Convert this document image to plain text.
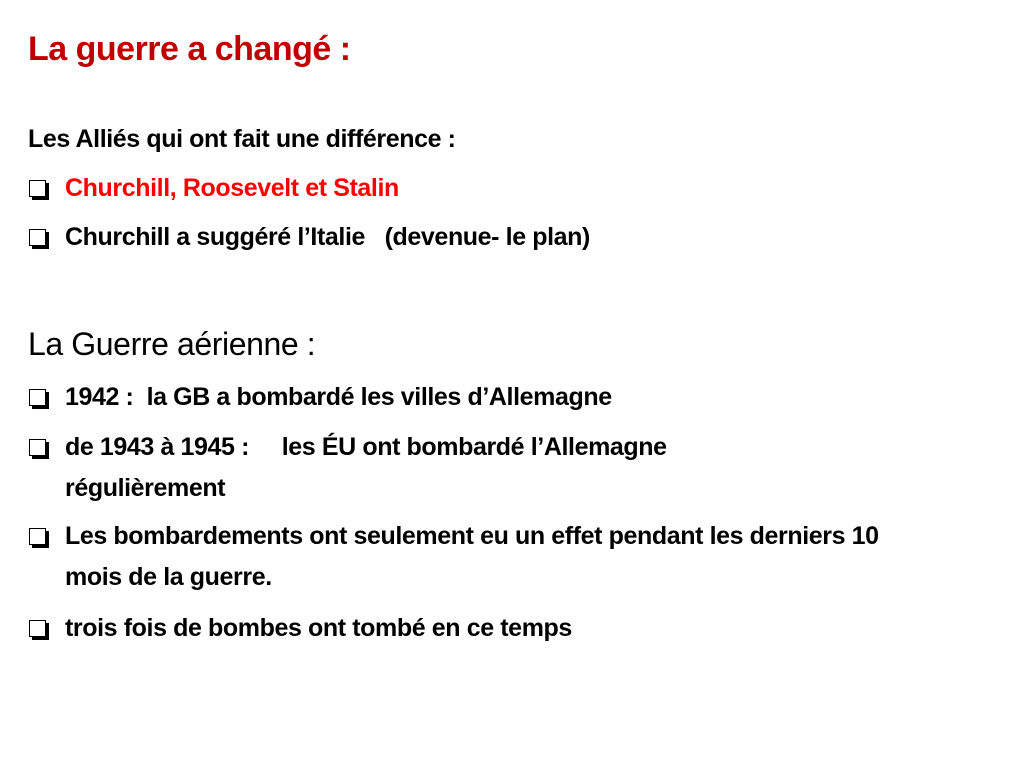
La guerre a changé :
Les Alliés qui ont fait une différence :
Churchill, Roosevelt et Stalin
Churchill a suggéré l’Italie   (devenue- le plan)
La Guerre aérienne :
1942 :  la GB a bombardé les villes d’Allemagne
de 1943 à 1945 :     les ÉU ont bombardé l’Allemagne régulièrement
Les bombardements ont seulement eu un effet pendant les derniers 10 mois de la guerre.
trois fois de bombes ont tombé en ce temps
